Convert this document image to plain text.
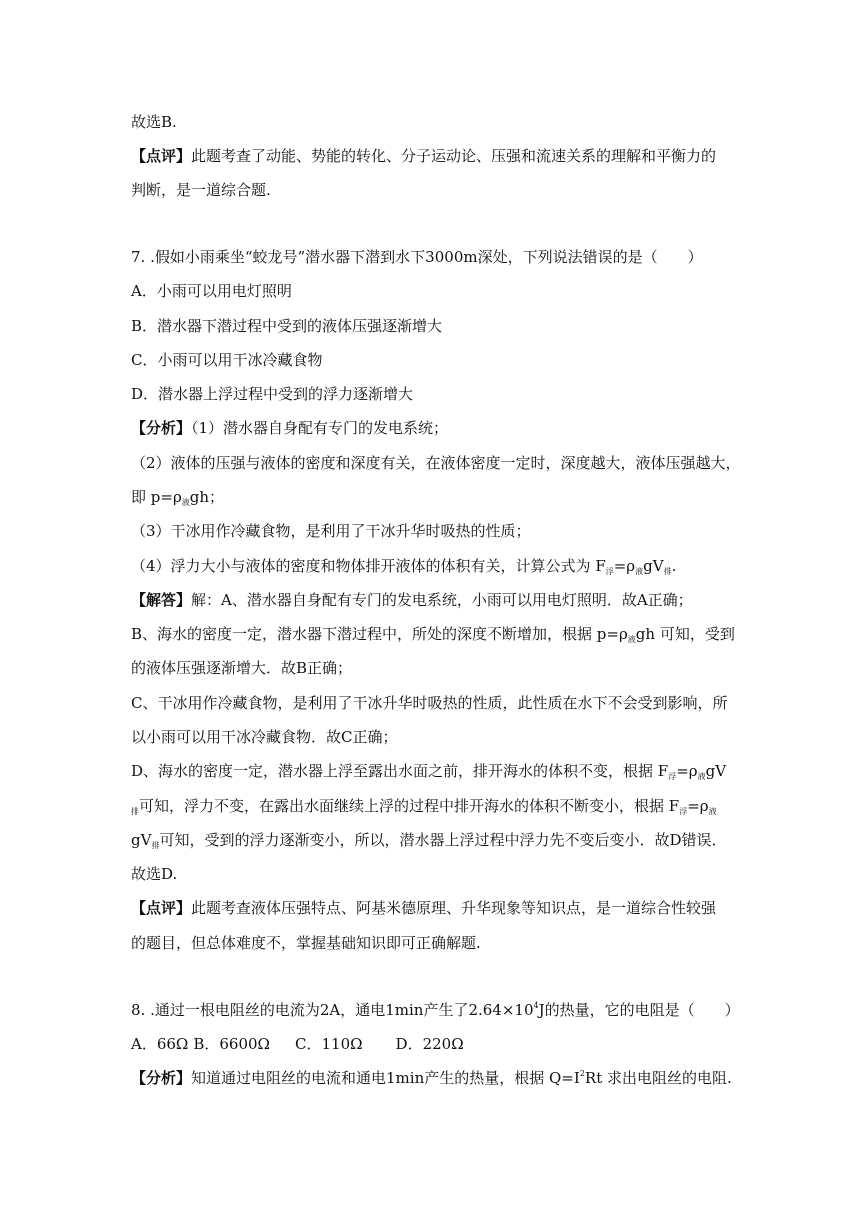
故选B.
【点评】此题考查了动能、势能的转化、分子运动论、压强和流速关系的理解和平衡力的
判断，是一道综合题.
7. .假如小雨乘坐“蛟龙号”潜水器下潜到水下3000m深处，下列说法错误的是（　　）
A．小雨可以用电灯照明
B．潜水器下潜过程中受到的液体压强逐渐增大
C．小雨可以用干冰冷藏食物
D．潜水器上浮过程中受到的浮力逐渐增大
【分析】（1）潜水器自身配有专门的发电系统；
（2）液体的压强与液体的密度和深度有关，在液体密度一定时，深度越大，液体压强越大，
即 $p=\rho_液gh$；
（3）干冰用作冷藏食物，是利用了干冰升华时吸热的性质；
（4）浮力大小与液体的密度和物体排开液体的体积有关，计算公式为 $F_浮=\rho_液gV_排$.
【解答】解：A、潜水器自身配有专门的发电系统，小雨可以用电灯照明．故A正确；
B、海水的密度一定，潜水器下潜过程中，所处的深度不断增加，根据 $p=\rho_液gh$ 可知，受到
的液体压强逐渐增大．故B正确；
C、干冰用作冷藏食物，是利用了干冰升华时吸热的性质，此性质在水下不会受到影响，所
以小雨可以用干冰冷藏食物．故C正确；
D、海水的密度一定，潜水器上浮至露出水面之前，排开海水的体积不变，根据 $F_浮=\rho_液gV$
$_排$可知，浮力不变，在露出水面继续上浮的过程中排开海水的体积不断变小，根据 $F_浮=\rho_液$
$gV_排$可知，受到的浮力逐渐变小，所以，潜水器上浮过程中浮力先不变后变小．故D错误．
故选D.
【点评】此题考查液体压强特点、阿基米德原理、升华现象等知识点，是一道综合性较强
的题目，但总体难度不，掌握基础知识即可正确解题.
8. .通过一根电阻丝的电流为2A，通电1min产生了$2.64\times 10^4J$的热量，它的电阻是（　　）
A．66Ω B．6600Ω C．110Ω D．220Ω
【分析】知道通过电阻丝的电流和通电1min产生的热量，根据 $Q=I^2Rt$ 求出电阻丝的电阻.
